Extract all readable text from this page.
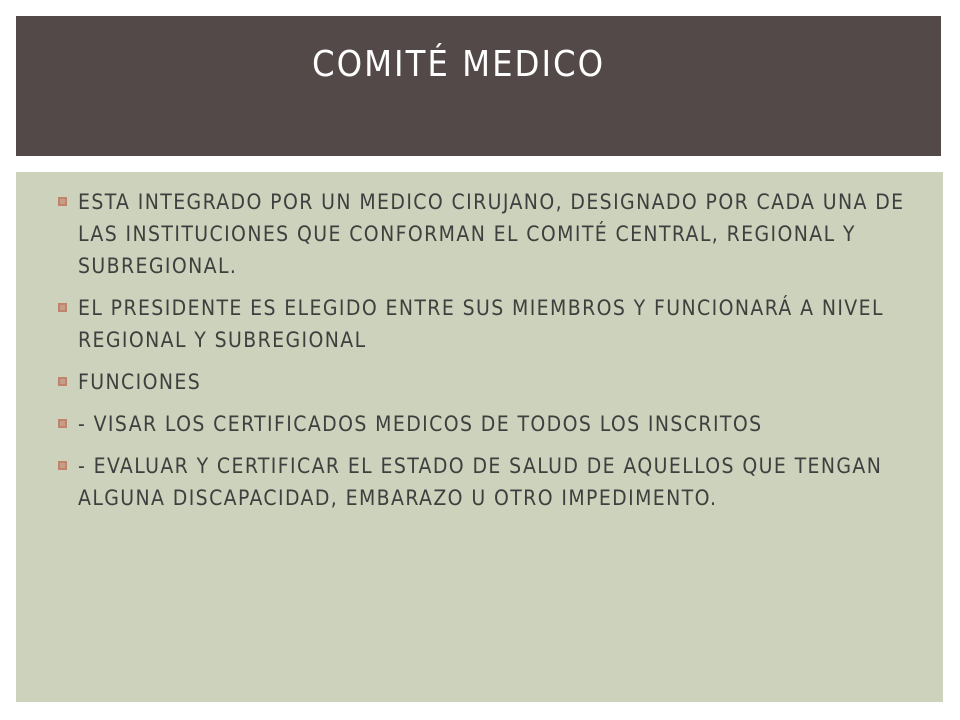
COMITÉ MEDICO
ESTA INTEGRADO POR UN MEDICO CIRUJANO, DESIGNADO POR CADA UNA DE LAS INSTITUCIONES QUE CONFORMAN EL COMITÉ CENTRAL, REGIONAL Y SUBREGIONAL.
EL PRESIDENTE ES ELEGIDO ENTRE SUS MIEMBROS Y FUNCIONARÁ A NIVEL REGIONAL Y SUBREGIONAL
FUNCIONES
- VISAR LOS CERTIFICADOS MEDICOS DE TODOS LOS INSCRITOS
- EVALUAR Y CERTIFICAR EL ESTADO DE SALUD DE AQUELLOS QUE TENGAN ALGUNA DISCAPACIDAD, EMBARAZO U OTRO IMPEDIMENTO.
